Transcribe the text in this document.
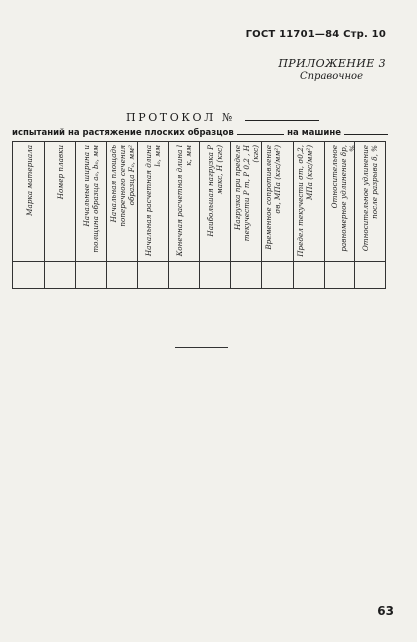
ГОСТ 11701—84 Стр. 10
ПРИЛОЖЕНИЕ 3
Справочное
ПРОТОКОЛ №
испытаний на растяжение плоских образцов	на машине
Марка материала	Номер плавки Начальные ширина и толщина образца a₀, b₀, мм Начальная площадь поперечного сечения образца F₀, мм² Начальная расчетная длина l₀, мм Конечная расчетная длина l к, мм Наибольшая нагрузка P макс, Н (кгс) Нагрузка при пределе текучести P т, P 0,2 , Н (кгс) Временное сопротивление σв, МПа (кгс/мм²) Предел текучести σт, σ0,2, МПа (кгс/мм²) Относительное равномерное удлинение δp, % Относительное удлинение после разрыва δ, %
63
